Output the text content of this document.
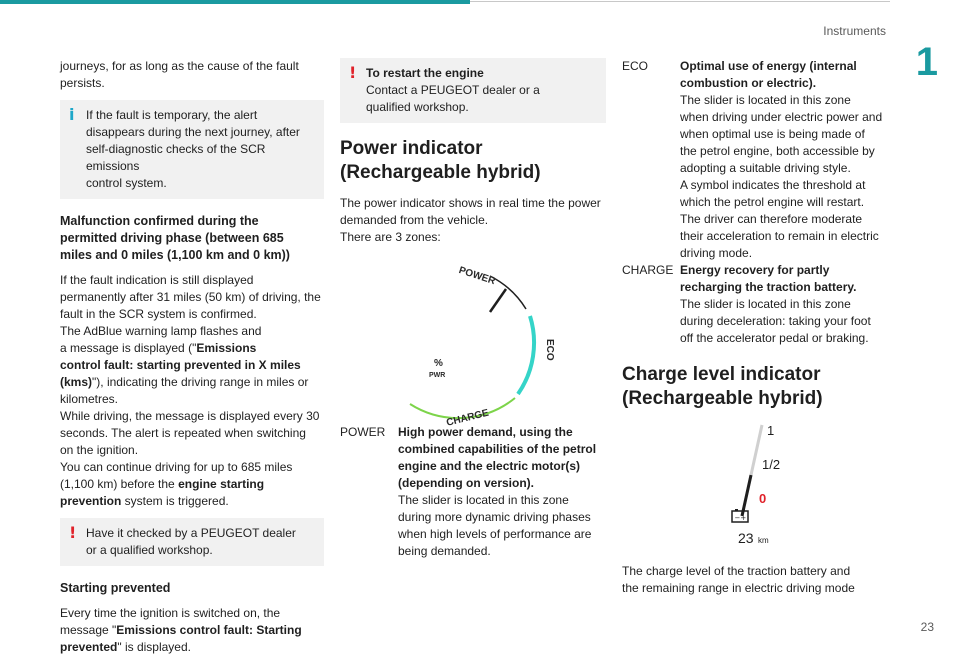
Instruments
1
23

journeys, for as long as the cause of the fault
persists.

i If the fault is temporary, the alert
disappears during the next journey, after
self-diagnostic checks of the SCR emissions
control system.
Malfunction confirmed during the
permitted driving phase (between 685
miles and 0 miles (1,100 km and 0 km))

If the fault indication is still displayed
permanently after 31 miles (50 km) of driving, the
fault in the SCR system is confirmed.
The AdBlue warning lamp flashes and
a message is displayed ("Emissions
control fault: starting prevented in X miles
(kms)"), indicating the driving range in miles or
kilometres.
While driving, the message is displayed every 30
seconds. The alert is repeated when switching
on the ignition.
You can continue driving for up to 685 miles
(1,100 km) before the engine starting
prevention system is triggered.

! Have it checked by a PEUGEOT dealer
or a qualified workshop.
Starting prevented

Every time the ignition is switched on, the
message "Emissions control fault: Starting
prevented" is displayed.

! To restart the engine
Contact a PEUGEOT dealer or a
qualified workshop.
Power indicator
(Rechargeable hybrid)

The power indicator shows in real time the power
demanded from the vehicle.
There are 3 zones:

POWER
ECO
CHARGE
%
PWR
POWER	High power demand, using the
combined capabilities of the petrol
engine and the electric motor(s)
(depending on version).
The slider is located in this zone
during more dynamic driving phases
when high levels of performance are
being demanded.
ECO	Optimal use of energy (internal
combustion or electric).
The slider is located in this zone
when driving under electric power and
when optimal use is being made of
the petrol engine, both accessible by
adopting a suitable driving style.
A symbol indicates the threshold at
which the petrol engine will restart.
The driver can therefore moderate
their acceleration to remain in electric
driving mode.
CHARGE Energy recovery for partly
recharging the traction battery.
The slider is located in this zone
during deceleration: taking your foot
off the accelerator pedal or braking.
Charge level indicator
(Rechargeable hybrid)
1
1/2
0
−+
23 km

The charge level of the traction battery and
the remaining range in electric driving mode
